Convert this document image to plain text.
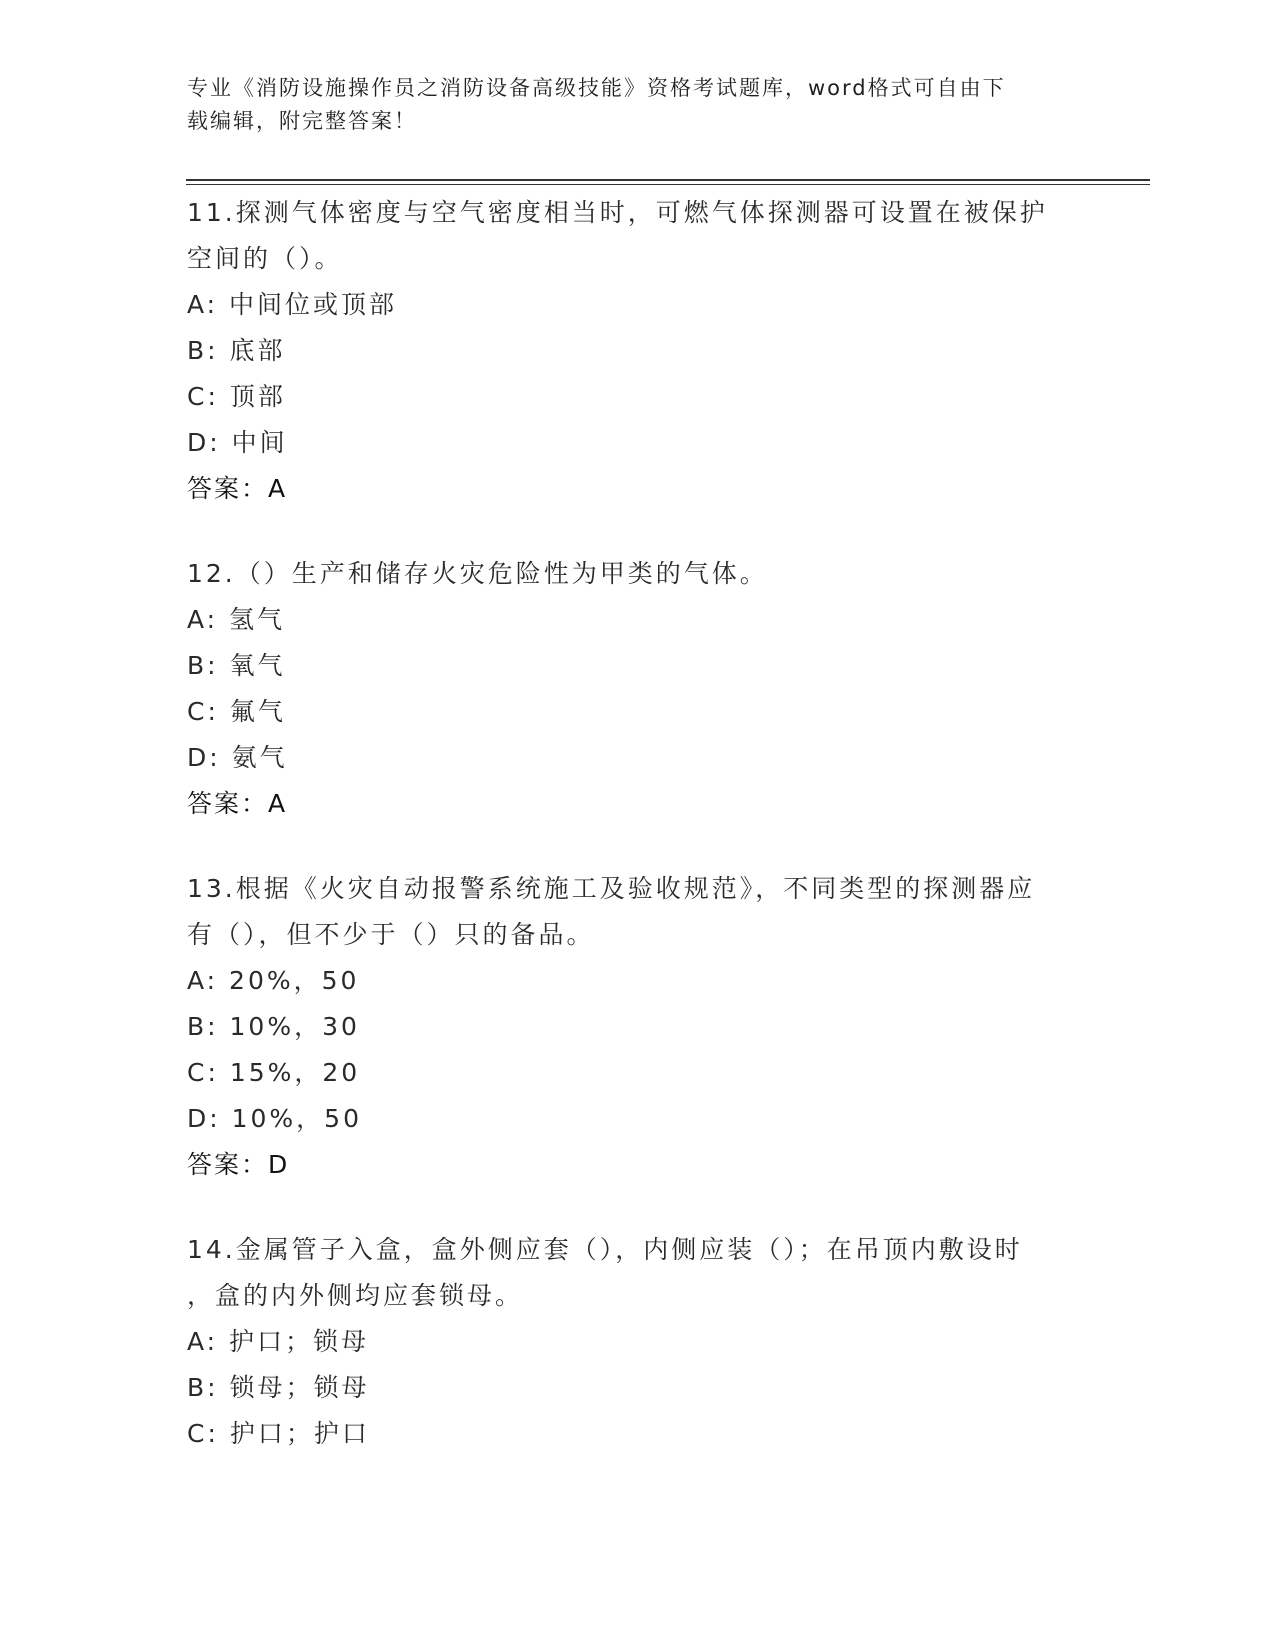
专业《消防设施操作员之消防设备高级技能》资格考试题库，word格式可自由下
载编辑，附完整答案！
11.探测气体密度与空气密度相当时，可燃气体探测器可设置在被保护
空间的（）。
A: 中间位或顶部
B: 底部
C: 顶部
D: 中间
答案：A
12.（）生产和储存火灾危险性为甲类的气体。
A: 氢气
B: 氧气
C: 氟气
D: 氨气
答案：A
13.根据《火灾自动报警系统施工及验收规范》，不同类型的探测器应
有（），但不少于（）只的备品。
A: 20%，50
B: 10%，30
C: 15%，20
D: 10%，50
答案：D
14.金属管子入盒，盒外侧应套（），内侧应装（）；在吊顶内敷设时
，盒的内外侧均应套锁母。
A: 护口；锁母
B: 锁母；锁母
C: 护口；护口
